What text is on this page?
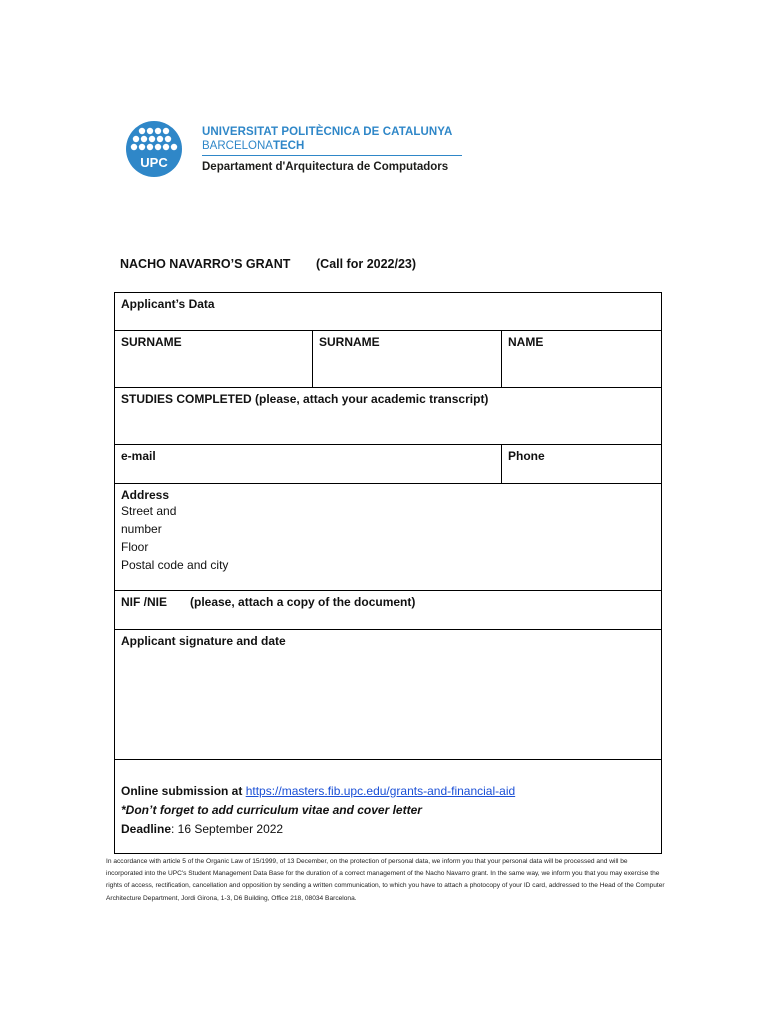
UPC
UNIVERSITAT POLITÈCNICA DE CATALUNYA
BARCELONATECH
Departament d'Arquitectura de Computadors
NACHO NAVARRO’S GRANT (Call for 2022/23)
Applicant’s Data
SURNAME	SURNAME	NAME
STUDIES COMPLETED (please, attach your academic transcript)
e-mail	Phone
Address
Street and
number
Floor
Postal code and city
NIF /NIE (please, attach a copy of the document)
Applicant signature and date
Online submission at https://masters.fib.upc.edu/grants-and-financial-aid
*Don’t forget to add curriculum vitae and cover letter
Deadline: 16 September 2022
In accordance with article 5 of the Organic Law of 15/1999, of 13 December, on the protection of personal data, we inform you that your personal data will be processed and will be incorporated into the UPC's Student Management Data Base for the duration of a correct management of the Nacho Navarro grant. In the same way, we inform you that you may exercise the rights of access, rectification, cancellation and opposition by sending a written communication, to which you have to attach a photocopy of your ID card, addressed to the Head of the Computer Architecture Department, Jordi Girona, 1-3, D6 Building, Office 218, 08034 Barcelona.
